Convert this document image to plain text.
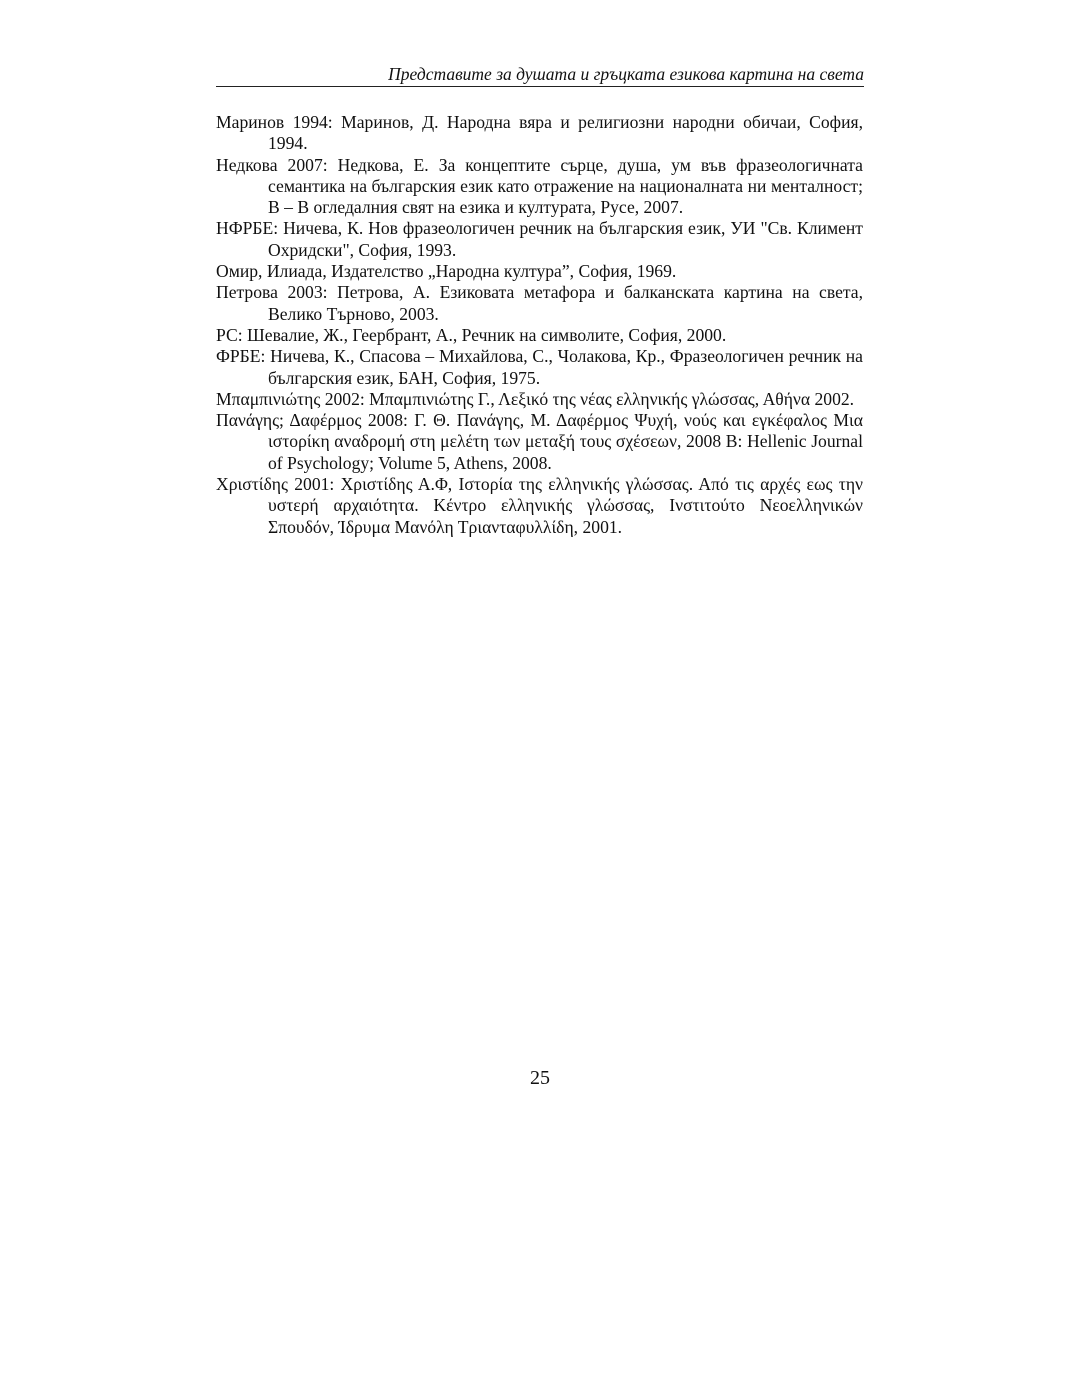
Представите за душата и гръцката езикова картина на света
Маринов 1994: Маринов, Д. Народна вяра и религиозни народни обичаи, София, 1994.
Недкова 2007: Недкова, Е. За концептите сърце, душа, ум във фразеологичната семантика на българския език като отражение на националната ни менталност; В – В огледалния свят на езика и културата, Русе, 2007.
НФРБЕ: Ничева, К. Нов фразеологичен речник на българския език, УИ "Св. Климент Охридски", София, 1993.
Омир, Илиада, Издателство „Народна култура”, София, 1969.
Петрова 2003: Петрова, А. Езиковата метафора и балканската картина на света, Велико Търново, 2003.
РС: Шевалие, Ж., Геербрант, А., Речник на символите, София, 2000.
ФРБЕ: Ничева, К., Спасова – Михайлова, С., Чолакова, Кр., Фразеологичен речник на българския език, БАН, София, 1975.
Μπαμπινιώτης 2002: Μπαμπινιώτης Γ., Λεξικό της νέας ελληνικής γλώσσας, Αθήνα 2002.
Πανάγης; Δαφέρμος 2008: Γ. Θ. Πανάγης, Μ. Δαφέρμος Ψυχή, νούς και εγκέφαλος Μια ιστορίκη αναδρομή στη μελέτη των μεταξή τους σχέσεων, 2008 В: Hellenic Journal of Psychology; Volume 5, Athens, 2008.
Χριστίδης 2001: Χριστίδης Α.Φ, Ιστορία της ελληνικής γλώσσας. Από τις αρχές εως την υστερή αρχαιότητα. Κέντρο ελληνικής γλώσσας, Ινστιτούτο Νεοελληνικών Σπουδόν, Ίδρυμα Μανόλη Τριανταφυλλίδη, 2001.
25
